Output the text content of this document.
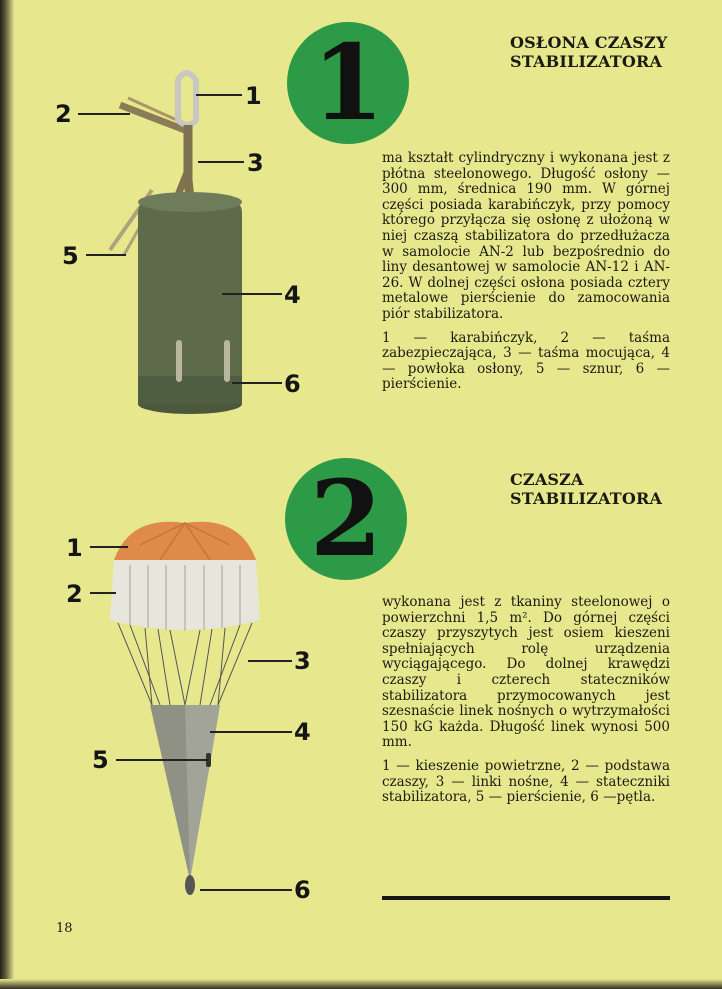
1	OSŁONA CZASZY
STABILIZATORA

ma kształt cylindryczny i wykonana jest z płótna steelonowego. Długość osłony — 300 mm, średnica 190 mm. W górnej części posiada karabińczyk, przy pomocy którego przyłącza się osłonę z ułożoną w niej czaszą stabilizatora do przedłużacza w samolocie AN-2 lub bezpośrednio do liny desantowej w samolocie AN-12 i AN-26. W dolnej części osłona posiada cztery metalowe pierścienie do zamocowania piór stabilizatora.

1 — karabińczyk, 2 — taśma zabezpieczająca, 3 — taśma mocująca, 4 — powłoka osłony, 5 — sznur, 6 — pierścienie.

1
2
3
4
5
6
2	CZASZA
STABILIZATORA

wykonana jest z tkaniny steelonowej o powierzchni 1,5 m². Do górnej części czaszy przyszytych jest osiem kieszeni spełniających rolę urządzenia wyciągającego. Do dolnej krawędzi czaszy i czterech stateczników stabilizatora przymocowanych jest szesnaście linek nośnych o wytrzymałości 150 kG każda. Długość linek wynosi 500 mm.

1 — kieszenie powietrzne, 2 — podstawa czaszy, 3 — linki nośne, 4 — stateczniki stabilizatora, 5 — pierścienie, 6 —pętla.

1
2
3
4
5
6
18
